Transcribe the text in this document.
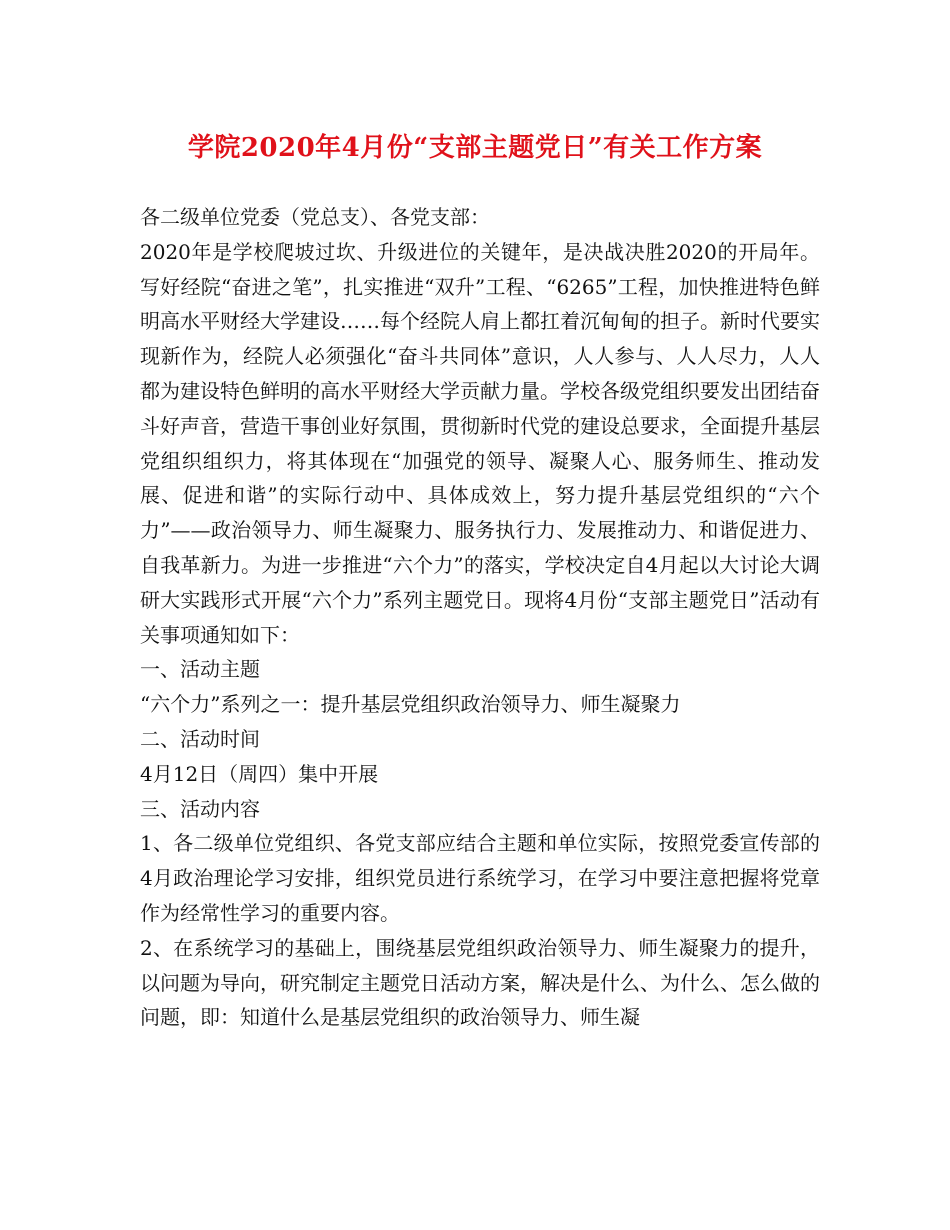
学院2020年4月份“支部主题党日”有关工作方案

各二级单位党委（党总支）、各党支部：

2020年是学校爬坡过坎、升级进位的关键年，是决战决胜2020的开局年。写好经院“奋进之笔”，扎实推进“双升”工程、“6265”工程，加快推进特色鲜明高水平财经大学建设……每个经院人肩上都扛着沉甸甸的担子。新时代要实现新作为，经院人必须强化“奋斗共同体”意识，人人参与、人人尽力，人人都为建设特色鲜明的高水平财经大学贡献力量。学校各级党组织要发出团结奋斗好声音，营造干事创业好氛围，贯彻新时代党的建设总要求，全面提升基层党组织组织力，将其体现在“加强党的领导、凝聚人心、服务师生、推动发展、促进和谐”的实际行动中、具体成效上，努力提升基层党组织的“六个力”——政治领导力、师生凝聚力、服务执行力、发展推动力、和谐促进力、自我革新力。为进一步推进“六个力”的落实，学校决定自4月起以大讨论大调研大实践形式开展“六个力”系列主题党日。现将4月份“支部主题党日”活动有关事项通知如下：

一、活动主题

“六个力”系列之一：提升基层党组织政治领导力、师生凝聚力

二、活动时间

4月12日（周四）集中开展

三、活动内容

1、各二级单位党组织、各党支部应结合主题和单位实际，按照党委宣传部的4月政治理论学习安排，组织党员进行系统学习，在学习中要注意把握将党章作为经常性学习的重要内容。

2、在系统学习的基础上，围绕基层党组织政治领导力、师生凝聚力的提升，以问题为导向，研究制定主题党日活动方案，解决是什么、为什么、怎么做的问题，即：知道什么是基层党组织的政治领导力、师生凝
